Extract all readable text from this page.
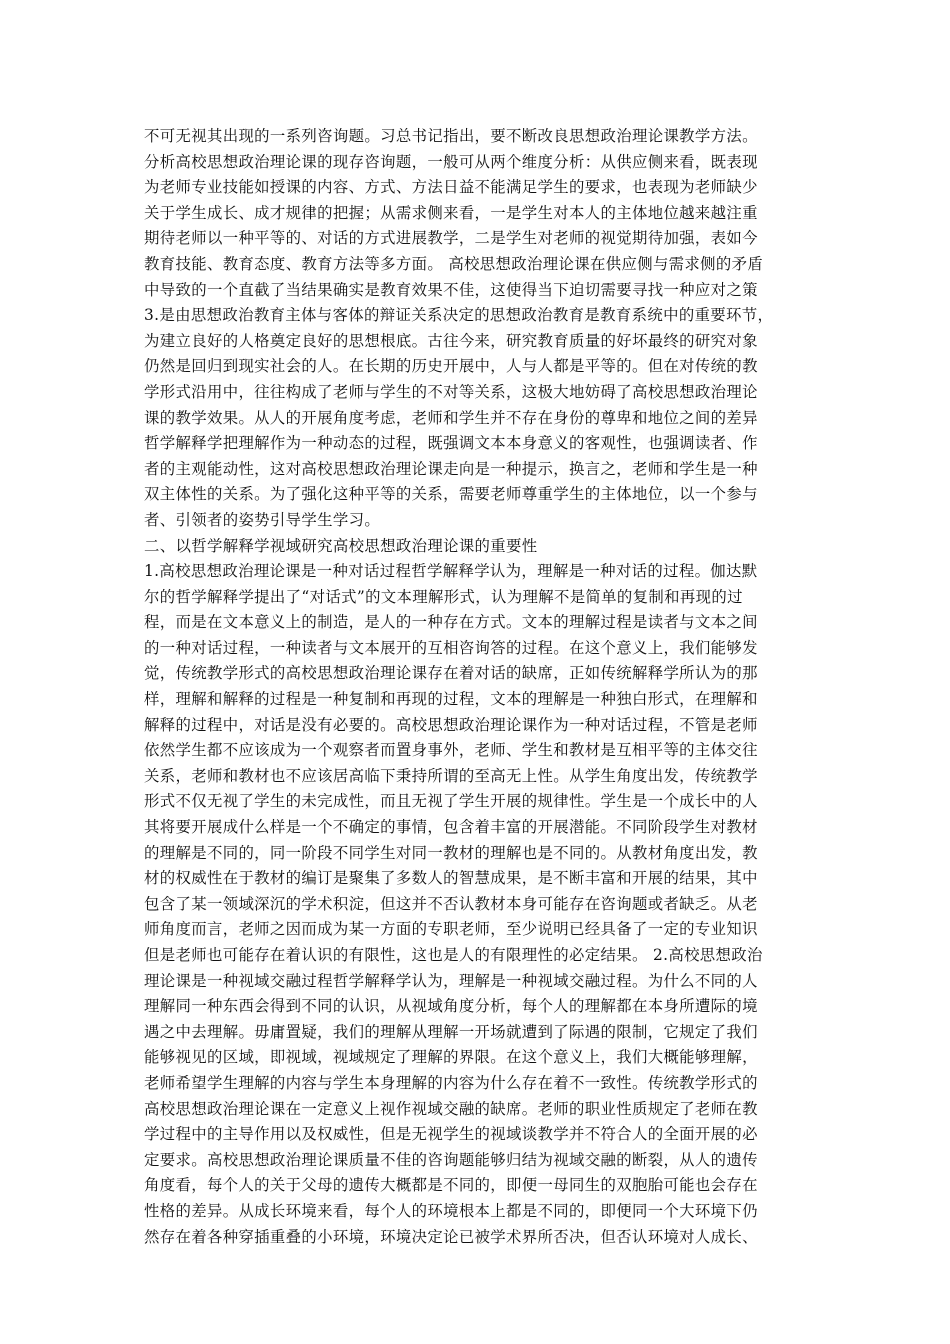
不可无视其出现的一系列咨询题。习总书记指出，要不断改良思想政治理论课教学方法。
分析高校思想政治理论课的现存咨询题，一般可从两个维度分析：从供应侧来看，既表现
为老师专业技能如授课的内容、方式、方法日益不能满足学生的要求，也表现为老师缺少
关于学生成长、成才规律的把握；从需求侧来看，一是学生对本人的主体地位越来越注重
期待老师以一种平等的、对话的方式进展教学，二是学生对老师的视觉期待加强，表如今
教育技能、教育态度、教育方法等多方面。 高校思想政治理论课在供应侧与需求侧的矛盾
中导致的一个直截了当结果确实是教育效果不佳，这使得当下迫切需要寻找一种应对之策
3.是由思想政治教育主体与客体的辩证关系决定的思想政治教育是教育系统中的重要环节，
为建立良好的人格奠定良好的思想根底。古往今来，研究教育质量的好坏最终的研究对象
仍然是回归到现实社会的人。在长期的历史开展中，人与人都是平等的。但在对传统的教
学形式沿用中，往往构成了老师与学生的不对等关系，这极大地妨碍了高校思想政治理论
课的教学效果。从人的开展角度考虑，老师和学生并不存在身份的尊卑和地位之间的差异
哲学解释学把理解作为一种动态的过程，既强调文本本身意义的客观性，也强调读者、作
者的主观能动性，这对高校思想政治理论课走向是一种提示，换言之，老师和学生是一种
双主体性的关系。为了强化这种平等的关系，需要老师尊重学生的主体地位，以一个参与
者、引领者的姿势引导学生学习。
二、以哲学解释学视域研究高校思想政治理论课的重要性
1.高校思想政治理论课是一种对话过程哲学解释学认为，理解是一种对话的过程。伽达默
尔的哲学解释学提出了“对话式”的文本理解形式，认为理解不是简单的复制和再现的过
程，而是在文本意义上的制造，是人的一种存在方式。文本的理解过程是读者与文本之间
的一种对话过程，一种读者与文本展开的互相咨询答的过程。在这个意义上，我们能够发
觉，传统教学形式的高校思想政治理论课存在着对话的缺席，正如传统解释学所认为的那
样，理解和解释的过程是一种复制和再现的过程，文本的理解是一种独白形式，在理解和
解释的过程中，对话是没有必要的。高校思想政治理论课作为一种对话过程，不管是老师
依然学生都不应该成为一个观察者而置身事外，老师、学生和教材是互相平等的主体交往
关系，老师和教材也不应该居高临下秉持所谓的至高无上性。从学生角度出发，传统教学
形式不仅无视了学生的未完成性，而且无视了学生开展的规律性。学生是一个成长中的人
其将要开展成什么样是一个不确定的事情，包含着丰富的开展潜能。不同阶段学生对教材
的理解是不同的，同一阶段不同学生对同一教材的理解也是不同的。从教材角度出发，教
材的权威性在于教材的编订是聚集了多数人的智慧成果，是不断丰富和开展的结果，其中
包含了某一领域深沉的学术积淀，但这并不否认教材本身可能存在咨询题或者缺乏。从老
师角度而言，老师之因而成为某一方面的专职老师，至少说明已经具备了一定的专业知识
但是老师也可能存在着认识的有限性，这也是人的有限理性的必定结果。 2.高校思想政治
理论课是一种视域交融过程哲学解释学认为，理解是一种视域交融过程。为什么不同的人
理解同一种东西会得到不同的认识，从视域角度分析，每个人的理解都在本身所遭际的境
遇之中去理解。毋庸置疑，我们的理解从理解一开场就遭到了际遇的限制，它规定了我们
能够视见的区域，即视域，视域规定了理解的界限。在这个意义上，我们大概能够理解，
老师希望学生理解的内容与学生本身理解的内容为什么存在着不一致性。传统教学形式的
高校思想政治理论课在一定意义上视作视域交融的缺席。老师的职业性质规定了老师在教
学过程中的主导作用以及权威性，但是无视学生的视域谈教学并不符合人的全面开展的必
定要求。高校思想政治理论课质量不佳的咨询题能够归结为视域交融的断裂，从人的遗传
角度看，每个人的关于父母的遗传大概都是不同的，即便一母同生的双胞胎可能也会存在
性格的差异。从成长环境来看，每个人的环境根本上都是不同的，即便同一个大环境下仍
然存在着各种穿插重叠的小环境，环境决定论已被学术界所否决，但否认环境对人成长、
